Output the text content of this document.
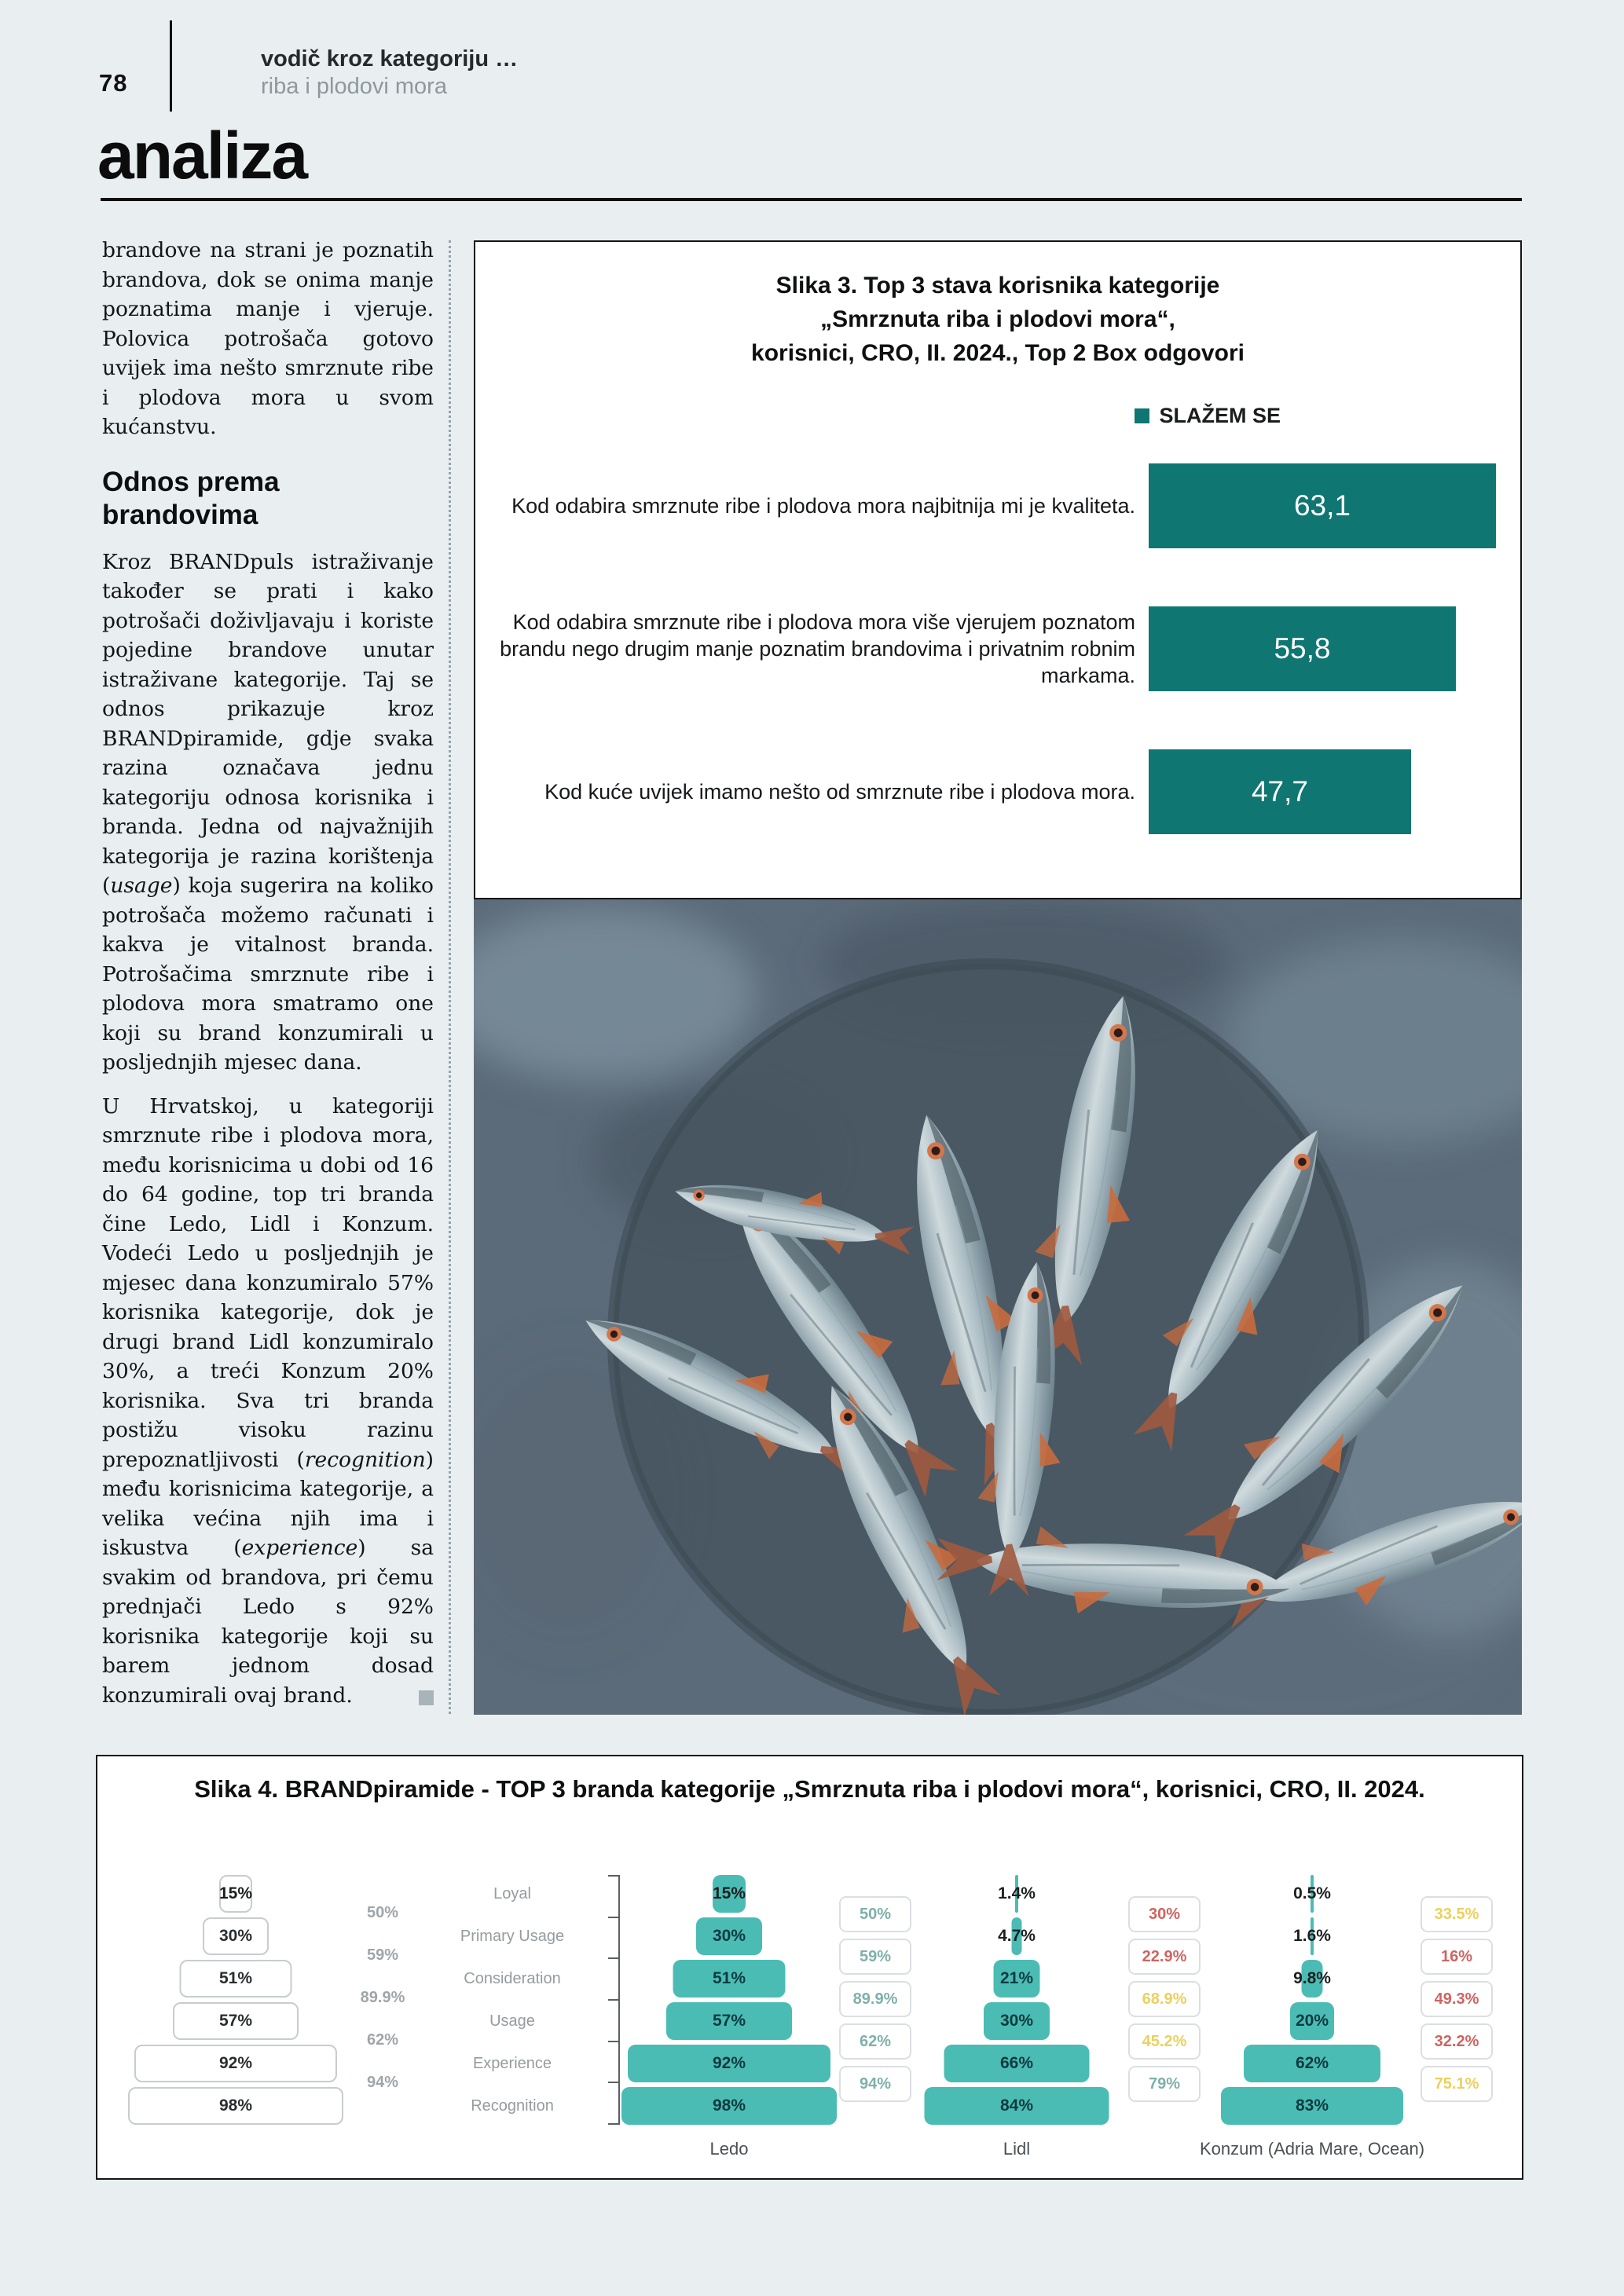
78
vodič kroz kategoriju …
riba i plodovi mora
analiza

brandove na strani je poznatih brandova, dok se onima manje poznatima manje i vjeruje. Polovica potrošača gotovo uvijek ima nešto smrznute ribe i plodova mora u svom kućanstvu.

Odnos prema brandovima

Kroz BRANDpuls istraživanje također se prati i kako potrošači doživljavaju i koriste pojedine brandove unutar istraživane kategorije. Taj se odnos prikazuje kroz BRANDpiramide, gdje svaka razina označava jednu kategoriju odnosa korisnika i branda. Jedna od najvažnijih kategorija je razina korištenja (usage) koja sugerira na koliko potrošača možemo računati i kakva je vitalnost branda. Potrošačima smrznute ribe i plodova mora smatramo one koji su brand konzumirali u posljednjih mjesec dana.

U Hrvatskoj, u kategoriji smrznute ribe i plodova mora, među korisnicima u dobi od 16 do 64 godine, top tri branda čine Ledo, Lidl i Konzum. Vodeći Ledo u posljednjih je mjesec dana konzumiralo 57% korisnika kategorije, dok je drugi brand Lidl konzumiralo 30%, a treći Konzum 20% korisnika. Sva tri branda postižu visoku razinu prepoznatljivosti (recognition) među korisnicima kategorije, a velika većina njih ima i iskustva (experience) sa svakim od brandova, pri čemu prednjači Ledo s 92% korisnika kategorije koji su barem jednom dosad konzumirali ovaj brand.

Slika 3. Top 3 stava korisnika kategorije
„Smrznuta riba i plodovi mora“,
korisnici, CRO, II. 2024., Top 2 Box odgovori
SLAŽEM SE
Kod odabira smrznute ribe i plodova mora najbitnija mi je kvaliteta.	63,1
Kod odabira smrznute ribe i plodova mora više vjerujem poznatom brandu nego drugim manje poznatim brandovima i privatnim robnim markama.
55,8
Kod kuće uvijek imamo nešto od smrznute ribe i plodova mora.	47,7
Slika 4. BRANDpiramide - TOP 3 branda kategorije „Smrznuta riba i plodovi mora“, korisnici, CRO, II. 2024.
15%
30%
51%
57%
92%
98%
50%
59%
89.9%
62%
94%
Loyal
Primary Usage
Consideration
Usage
Experience
Recognition
15%
30%
51%
57%
92%
98%
50%
59%
89.9%
62%
94%
Ledo
1.4%
4.7%
21%
30%
66%
84%
30%
22.9%
68.9%
45.2%
79%
Lidl
0.5%
1.6%
9.8%
20%
62%
83%
33.5%
16%
49.3%
32.2%
75.1%
Konzum (Adria Mare, Ocean)
